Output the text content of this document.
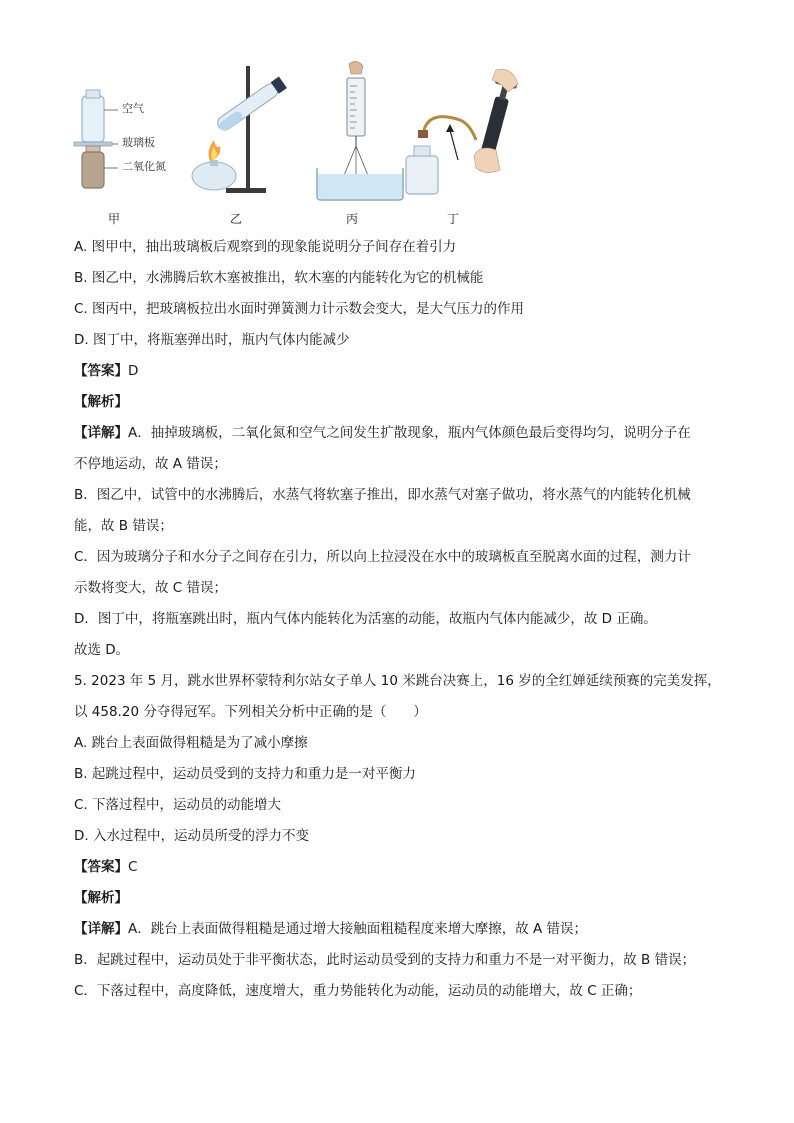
空气
玻璃板
二氧化氮
甲	乙	丙	丁
A. 图甲中，抽出玻璃板后观察到的现象能说明分子间存在着引力
B. 图乙中，水沸腾后软木塞被推出，软木塞的内能转化为它的机械能
C. 图丙中，把玻璃板拉出水面时弹簧测力计示数会变大，是大气压力的作用
D. 图丁中，将瓶塞弹出时，瓶内气体内能减少
【答案】D
【解析】
【详解】A．抽掉玻璃板，二氧化氮和空气之间发生扩散现象，瓶内气体颜色最后变得均匀，说明分子在
不停地运动，故 A 错误；
B．图乙中，试管中的水沸腾后，水蒸气将软塞子推出，即水蒸气对塞子做功，将水蒸气的内能转化机械
能，故 B 错误；
C．因为玻璃分子和水分子之间存在引力，所以向上拉浸没在水中的玻璃板直至脱离水面的过程，测力计
示数将变大，故 C 错误；
D．图丁中，将瓶塞跳出时，瓶内气体内能转化为活塞的动能，故瓶内气体内能减少，故 D 正确。
故选 D。
5. 2023 年 5 月，跳水世界杯蒙特利尔站女子单人 10 米跳台决赛上，16 岁的全红婵延续预赛的完美发挥，
以 458.20 分夺得冠军。下列相关分析中正确的是（　　）
A. 跳台上表面做得粗糙是为了减小摩擦
B. 起跳过程中，运动员受到的支持力和重力是一对平衡力
C. 下落过程中，运动员的动能增大
D. 入水过程中，运动员所受的浮力不变
【答案】C
【解析】
【详解】A．跳台上表面做得粗糙是通过增大接触面粗糙程度来增大摩擦，故 A 错误；
B．起跳过程中，运动员处于非平衡状态，此时运动员受到的支持力和重力不是一对平衡力，故 B 错误；
C．下落过程中，高度降低，速度增大，重力势能转化为动能，运动员的动能增大，故 C 正确；
